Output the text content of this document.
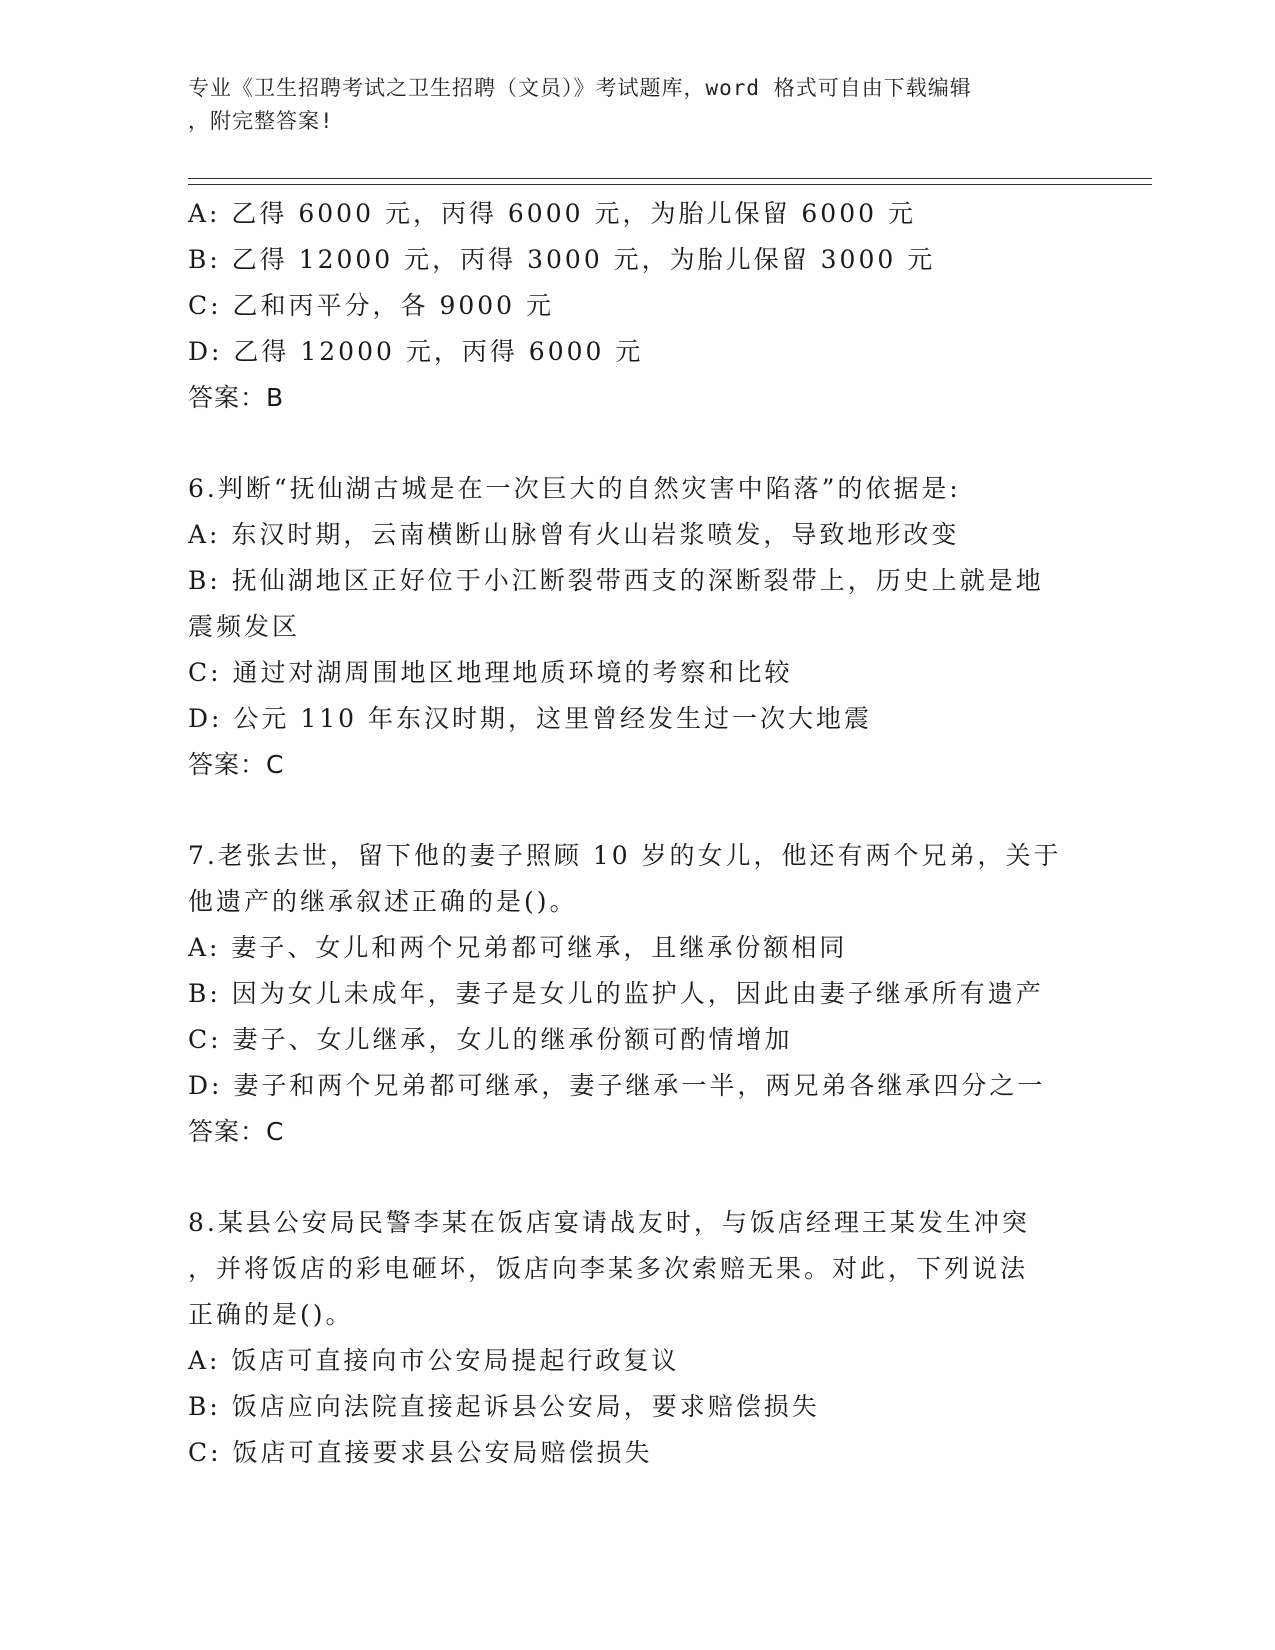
专业《卫生招聘考试之卫生招聘（文员）》考试题库，word 格式可自由下载编辑
，附完整答案!
A: 乙得 6000 元，丙得 6000 元，为胎儿保留 6000 元
B: 乙得 12000 元，丙得 3000 元，为胎儿保留 3000 元
C: 乙和丙平分，各 9000 元
D: 乙得 12000 元，丙得 6000 元
答案：B
6.判断“抚仙湖古城是在一次巨大的自然灾害中陷落”的依据是:
A: 东汉时期，云南横断山脉曾有火山岩浆喷发，导致地形改变
B: 抚仙湖地区正好位于小江断裂带西支的深断裂带上，历史上就是地
震频发区
C: 通过对湖周围地区地理地质环境的考察和比较
D: 公元 110 年东汉时期，这里曾经发生过一次大地震
答案：C
7.老张去世，留下他的妻子照顾 10 岁的女儿，他还有两个兄弟，关于
他遗产的继承叙述正确的是()。
A: 妻子、女儿和两个兄弟都可继承，且继承份额相同
B: 因为女儿未成年，妻子是女儿的监护人，因此由妻子继承所有遗产
C: 妻子、女儿继承，女儿的继承份额可酌情增加
D: 妻子和两个兄弟都可继承，妻子继承一半，两兄弟各继承四分之一
答案：C
8.某县公安局民警李某在饭店宴请战友时，与饭店经理王某发生冲突
，并将饭店的彩电砸坏，饭店向李某多次索赔无果。对此，下列说法
正确的是()。
A: 饭店可直接向市公安局提起行政复议
B: 饭店应向法院直接起诉县公安局，要求赔偿损失
C: 饭店可直接要求县公安局赔偿损失
